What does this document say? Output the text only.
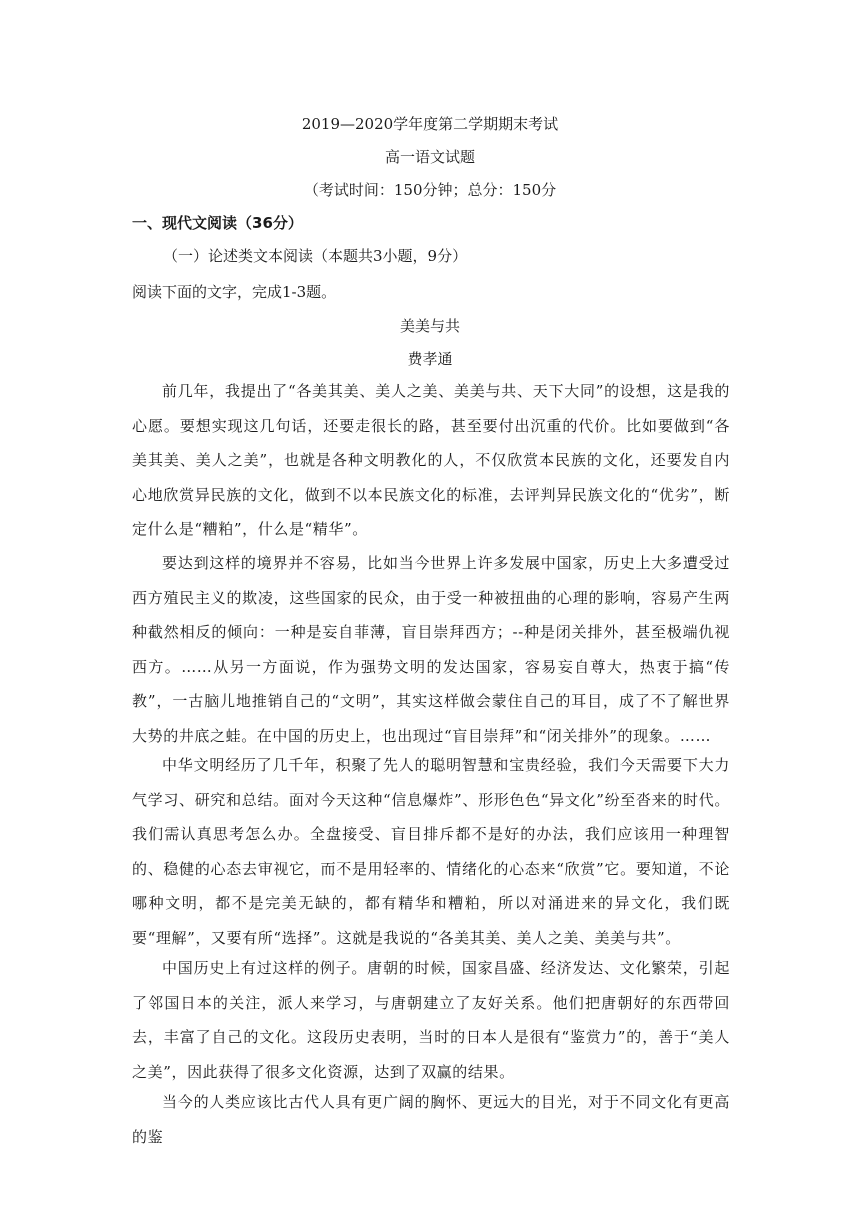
2019—2020学年度第二学期期末考试
高一语文试题
（考试时间：150分钟；总分：150分
一、现代文阅读（36分）
（一）论述类文本阅读（本题共3小题，9分）
阅读下面的文字，完成1-3题。
美美与共
费孝通

前几年，我提出了“各美其美、美人之美、美美与共、天下大同”的设想，这是我的心愿。要想实现这几句话，还要走很长的路，甚至要付出沉重的代价。比如要做到“各美其美、美人之美”，也就是各种文明教化的人，不仅欣赏本民族的文化，还要发自内心地欣赏异民族的文化，做到不以本民族文化的标准，去评判异民族文化的“优劣”，断定什么是“糟粕”，什么是“精华”。

要达到这样的境界并不容易，比如当今世界上许多发展中国家，历史上大多遭受过西方殖民主义的欺凌，这些国家的民众，由于受一种被扭曲的心理的影响，容易产生两种截然相反的倾向：一种是妄自菲薄，盲目崇拜西方；--种是闭关排外，甚至极端仇视西方。……从另一方面说，作为强势文明的发达国家，容易妄自尊大，热衷于搞“传教”，一古脑儿地推销自己的“文明”，其实这样做会蒙住自己的耳目，成了不了解世界大势的井底之蛙。在中国的历史上，也出现过“盲目崇拜”和“闭关排外”的现象。……

中华文明经历了几千年，积聚了先人的聪明智慧和宝贵经验，我们今天需要下大力气学习、研究和总结。面对今天这种“信息爆炸”、形形色色“异文化”纷至沓来的时代。我们需认真思考怎么办。全盘接受、盲目排斥都不是好的办法，我们应该用一种理智的、稳健的心态去审视它，而不是用轻率的、情绪化的心态来“欣赏”它。要知道，不论哪种文明，都不是完美无缺的，都有精华和糟粕，所以对涌进来的异文化，我们既要“理解”，又要有所“选择”。这就是我说的“各美其美、美人之美、美美与共”。

中国历史上有过这样的例子。唐朝的时候，国家昌盛、经济发达、文化繁荣，引起了邻国日本的关注，派人来学习，与唐朝建立了友好关系。他们把唐朝好的东西带回去，丰富了自己的文化。这段历史表明，当时的日本人是很有“鉴赏力”的，善于“美人之美”，因此获得了很多文化资源，达到了双赢的结果。

当今的人类应该比古代人具有更广阔的胸怀、更远大的目光，对于不同文化有更高的鉴
